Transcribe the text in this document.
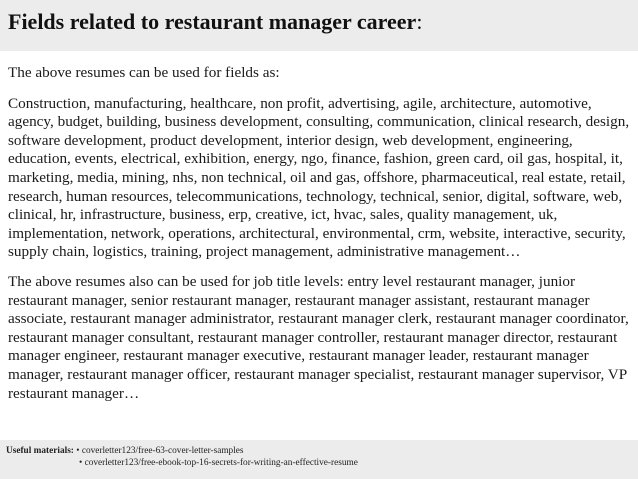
Fields related to restaurant manager career:

The above resumes can be used for fields as:

Construction, manufacturing, healthcare, non profit, advertising, agile, architecture, automotive, agency, budget, building, business development, consulting, communication, clinical research, design, software development, product development, interior design, web development, engineering, education, events, electrical, exhibition, energy, ngo, finance, fashion, green card, oil gas, hospital, it, marketing, media, mining, nhs, non technical, oil and gas, offshore, pharmaceutical, real estate, retail, research, human resources, telecommunications, technology, technical, senior, digital, software, web, clinical, hr, infrastructure, business, erp, creative, ict, hvac, sales, quality management, uk, implementation, network, operations, architectural, environmental, crm, website, interactive, security, supply chain, logistics, training, project management, administrative management…

The above resumes also can be used for job title levels: entry level restaurant manager, junior restaurant manager, senior restaurant manager, restaurant manager assistant, restaurant manager associate, restaurant manager administrator, restaurant manager clerk, restaurant manager coordinator, restaurant manager consultant, restaurant manager controller, restaurant manager director, restaurant manager engineer, restaurant manager executive, restaurant manager leader, restaurant manager manager, restaurant manager officer, restaurant manager specialist, restaurant manager supervisor, VP restaurant manager…

Useful materials: • coverletter123/free-63-cover-letter-samples
• coverletter123/free-ebook-top-16-secrets-for-writing-an-effective-resume
